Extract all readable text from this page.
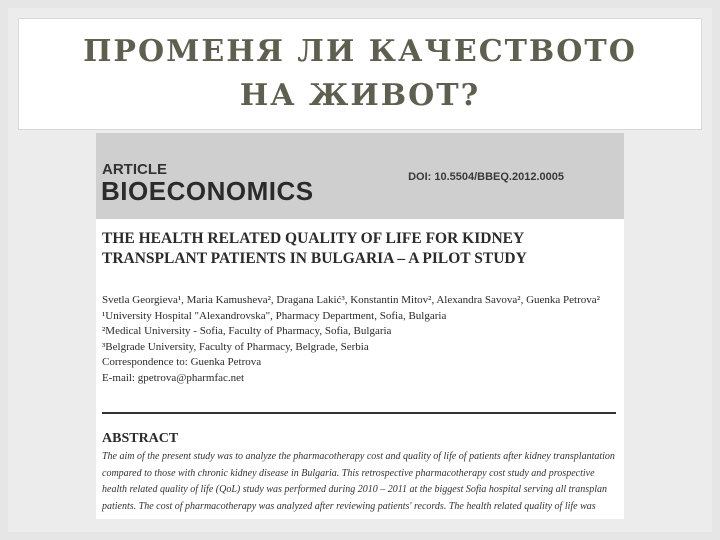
ПРОМЕНЯ ЛИ КАЧЕСТВОТО НА ЖИВОТ?
ARTICLE
BIOECONOMICS	DOI: 10.5504/BBEQ.2012.0005
THE HEALTH RELATED QUALITY OF LIFE FOR KIDNEY TRANSPLANT PATIENTS IN BULGARIA – A PILOT STUDY
Svetla Georgieva¹, Maria Kamusheva², Dragana Lakić³, Konstantin Mitov², Alexandra Savova², Guenka Petrova²
¹University Hospital "Alexandrovska", Pharmacy Department, Sofia, Bulgaria
²Medical University - Sofia, Faculty of Pharmacy, Sofia, Bulgaria
³Belgrade University, Faculty of Pharmacy, Belgrade, Serbia
Correspondence to: Guenka Petrova
E-mail: gpetrova@pharmfac.net
ABSTRACT
The aim of the present study was to analyze the pharmacotherapy cost and quality of life of patients after kidney transplantation
compared to those with chronic kidney disease in Bulgaria. This retrospective pharmacotherapy cost study and prospective
health related quality of life (QoL) study was performed during 2010 – 2011 at the biggest Sofia hospital serving all transplan
patients. The cost of pharmacotherapy was analyzed after reviewing patients' records. The health related quality of life was
